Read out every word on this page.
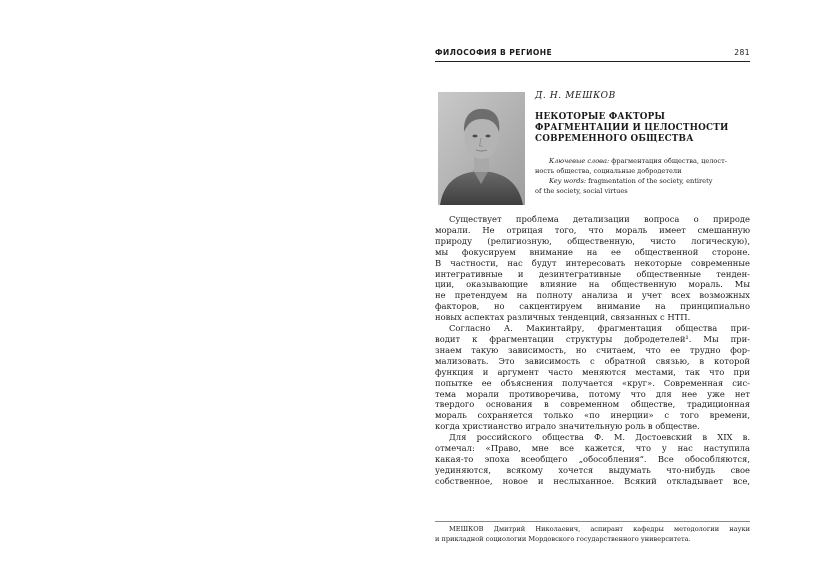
ФИЛОСОФИЯ В РЕГИОНЕ	281
Д. Н. МЕШКОВ
НЕКОТОРЫЕ ФАКТОРЫ
ФРАГМЕНТАЦИИ И ЦЕЛОСТНОСТИ
СОВРЕМЕННОГО ОБЩЕСТВА
Ключевые слова: фрагментация общества, целост-
ность общества, социальные добродетели
Key words: fragmentation of the society, entirety
of the society, social virtues
Существует проблема детализации вопроса о природе
морали. Не отрицая того, что мораль имеет смешанную
природу (религиозную, общественную, чисто логическую),
мы фокусируем внимание на ее общественной стороне.
В частности, нас будут интересовать некоторые современные
интегративные и дезинтегративные общественные тенден-
ции, оказывающие влияние на общественную мораль. Мы
не претендуем на полноту анализа и учет всех возможных
факторов, но сакцентируем внимание на принципиально
новых аспектах различных тенденций, связанных с НТП.
Согласно А. Макинтайру, фрагментация общества при-
водит к фрагментации структуры добродетелей¹. Мы при-
знаем такую зависимость, но считаем, что ее трудно фор-
мализовать. Это зависимость с обратной связью, в которой
функция и аргумент часто меняются местами, так что при
попытке ее объяснения получается «круг». Современная сис-
тема морали противоречива, потому что для нее уже нет
твердого основания в современном обществе, традиционная
мораль сохраняется только «по инерции» с того времени,
когда христианство играло значительную роль в обществе.
Для российского общества Ф. М. Достоевский в XIX в.
отмечал: «Право, мне все кажется, что у нас наступила
какая-то эпоха всеобщего „обособления“. Все обособляются,
уединяются, всякому хочется выдумать что-нибудь свое
собственное, новое и неслыханное. Всякий откладывает все,
МЕШКОВ Дмитрий Николаевич, аспирант кафедры методологии науки
и прикладной социологии Мордовского государственного университета.
